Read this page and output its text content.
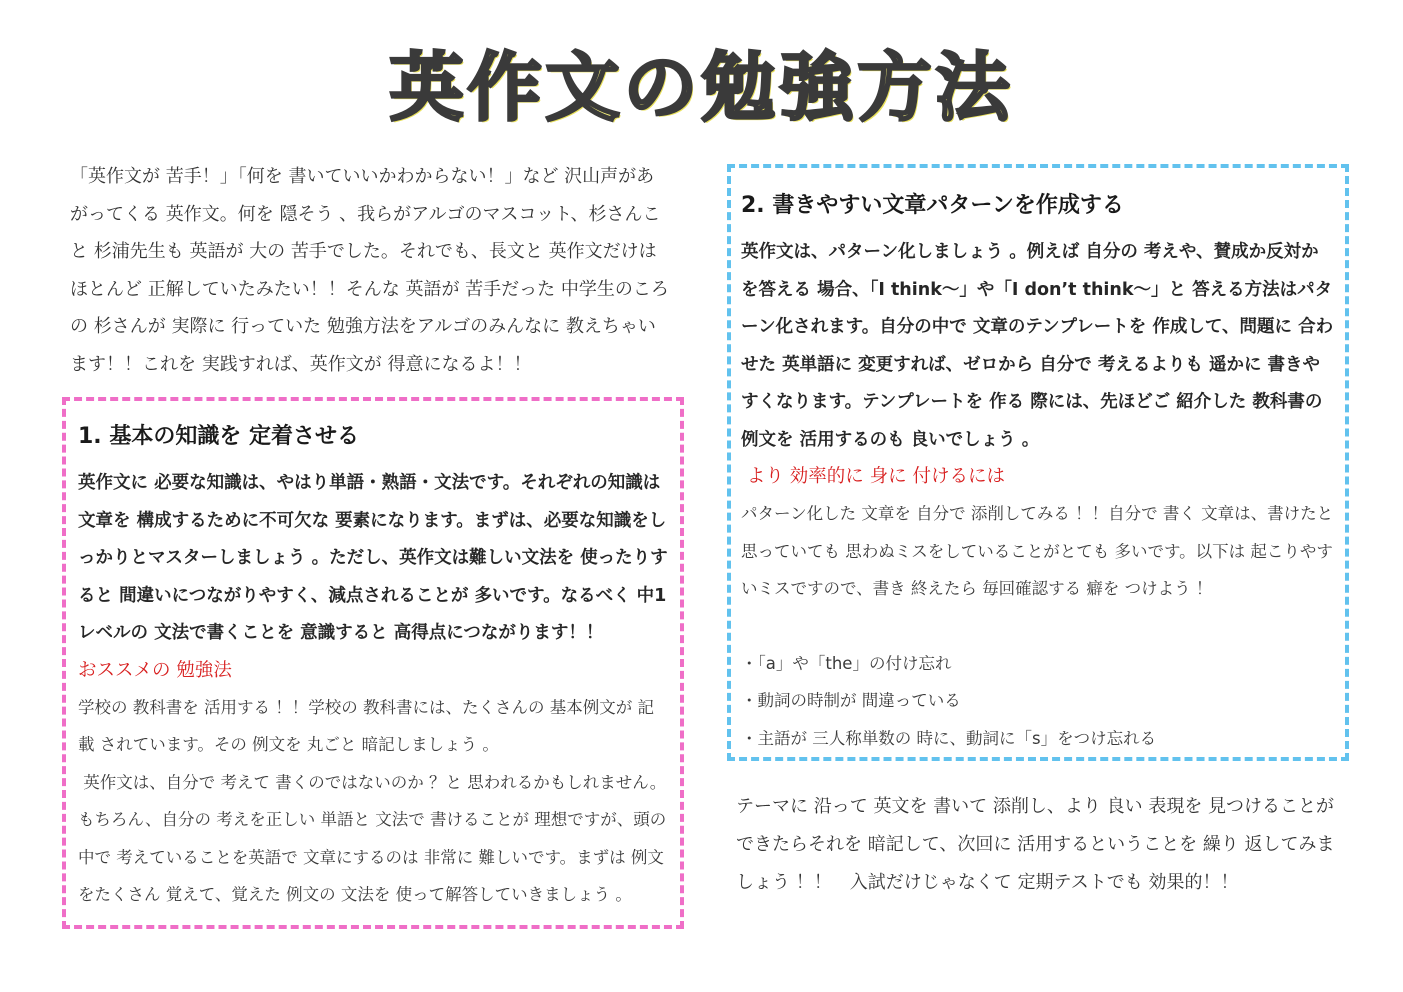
英作文の勉強方法

「英作文が 苦手！」「何を 書いていいかわからない！」など 沢山声があがってくる 英作文。何を 隠そう 、我らがアルゴのマスコット、杉さんこと 杉浦先生も 英語が 大の 苦手でした。それでも、長文と 英作文だけはほとんど 正解していたみたい！！そんな 英語が 苦手だった 中学生のころの 杉さんが 実際に 行っていた 勉強方法をアルゴのみんなに 教えちゃいます！！これを 実践すれば、英作文が 得意になるよ！！

1. 基本の知識を 定着させる

英作文に 必要な知識は、やはり単語・熟語・文法です。それぞれの知識は 文章を 構成するために不可欠な 要素になります。まずは、必要な知識をしっかりとマスターしましょう 。ただし、英作文は難しい文法を 使ったりすると 間違いにつながりやすく、減点されることが 多いです。なるべく 中1レベルの 文法で書くことを 意識すると 高得点につながります！！

おススメの 勉強法

学校の 教科書を 活用する ！！学校の 教科書には、たくさんの 基本例文が 記載 されています。その 例文を 丸ごと 暗記しましょう 。

英作文は、自分で 考えて 書くのではないのか ？と 思われるかもしれません。もちろん、自分の 考えを正しい 単語と 文法で 書けることが 理想ですが、頭の 中で 考えていることを英語で 文章にするのは 非常に 難しいです。まずは 例文をたくさん 覚えて、覚えた 例文の 文法を 使って解答していきましょう 。

2. 書きやすい文章パターンを作成する

英作文は、パターン化しましょう 。例えば 自分の 考えや、賛成か反対かを答える 場合、「I think～」や「I don’t think～」と 答える方法はパターン化されます。自分の中で 文章のテンプレートを 作成して、問題に 合わせた 英単語に 変更すれば、ゼロから 自分で 考えるよりも 遥かに 書きやすくなります。テンプレートを 作る 際には、先ほどご 紹介した 教科書の 例文を 活用するのも 良いでしょう 。

より 効率的に 身に 付けるには

パターン化した 文章を 自分で 添削してみる ！！自分で 書く 文章は、書けたと 思っていても 思わぬミスをしていることがとても 多いです。以下は 起こりやすいミスですので、書き 終えたら 毎回確認する 癖を つけよう ！

・「a」や「the」の付け忘れ

・動詞の時制が 間違っている

・主語が 三人称単数の 時に、動詞に「s」をつけ忘れる

テーマに 沿って 英文を 書いて 添削し、より 良い 表現を 見つけることが できたらそれを 暗記して、次回に 活用するということを 繰り 返してみましょう ！！　入試だけじゃなくて 定期テストでも 効果的！！
